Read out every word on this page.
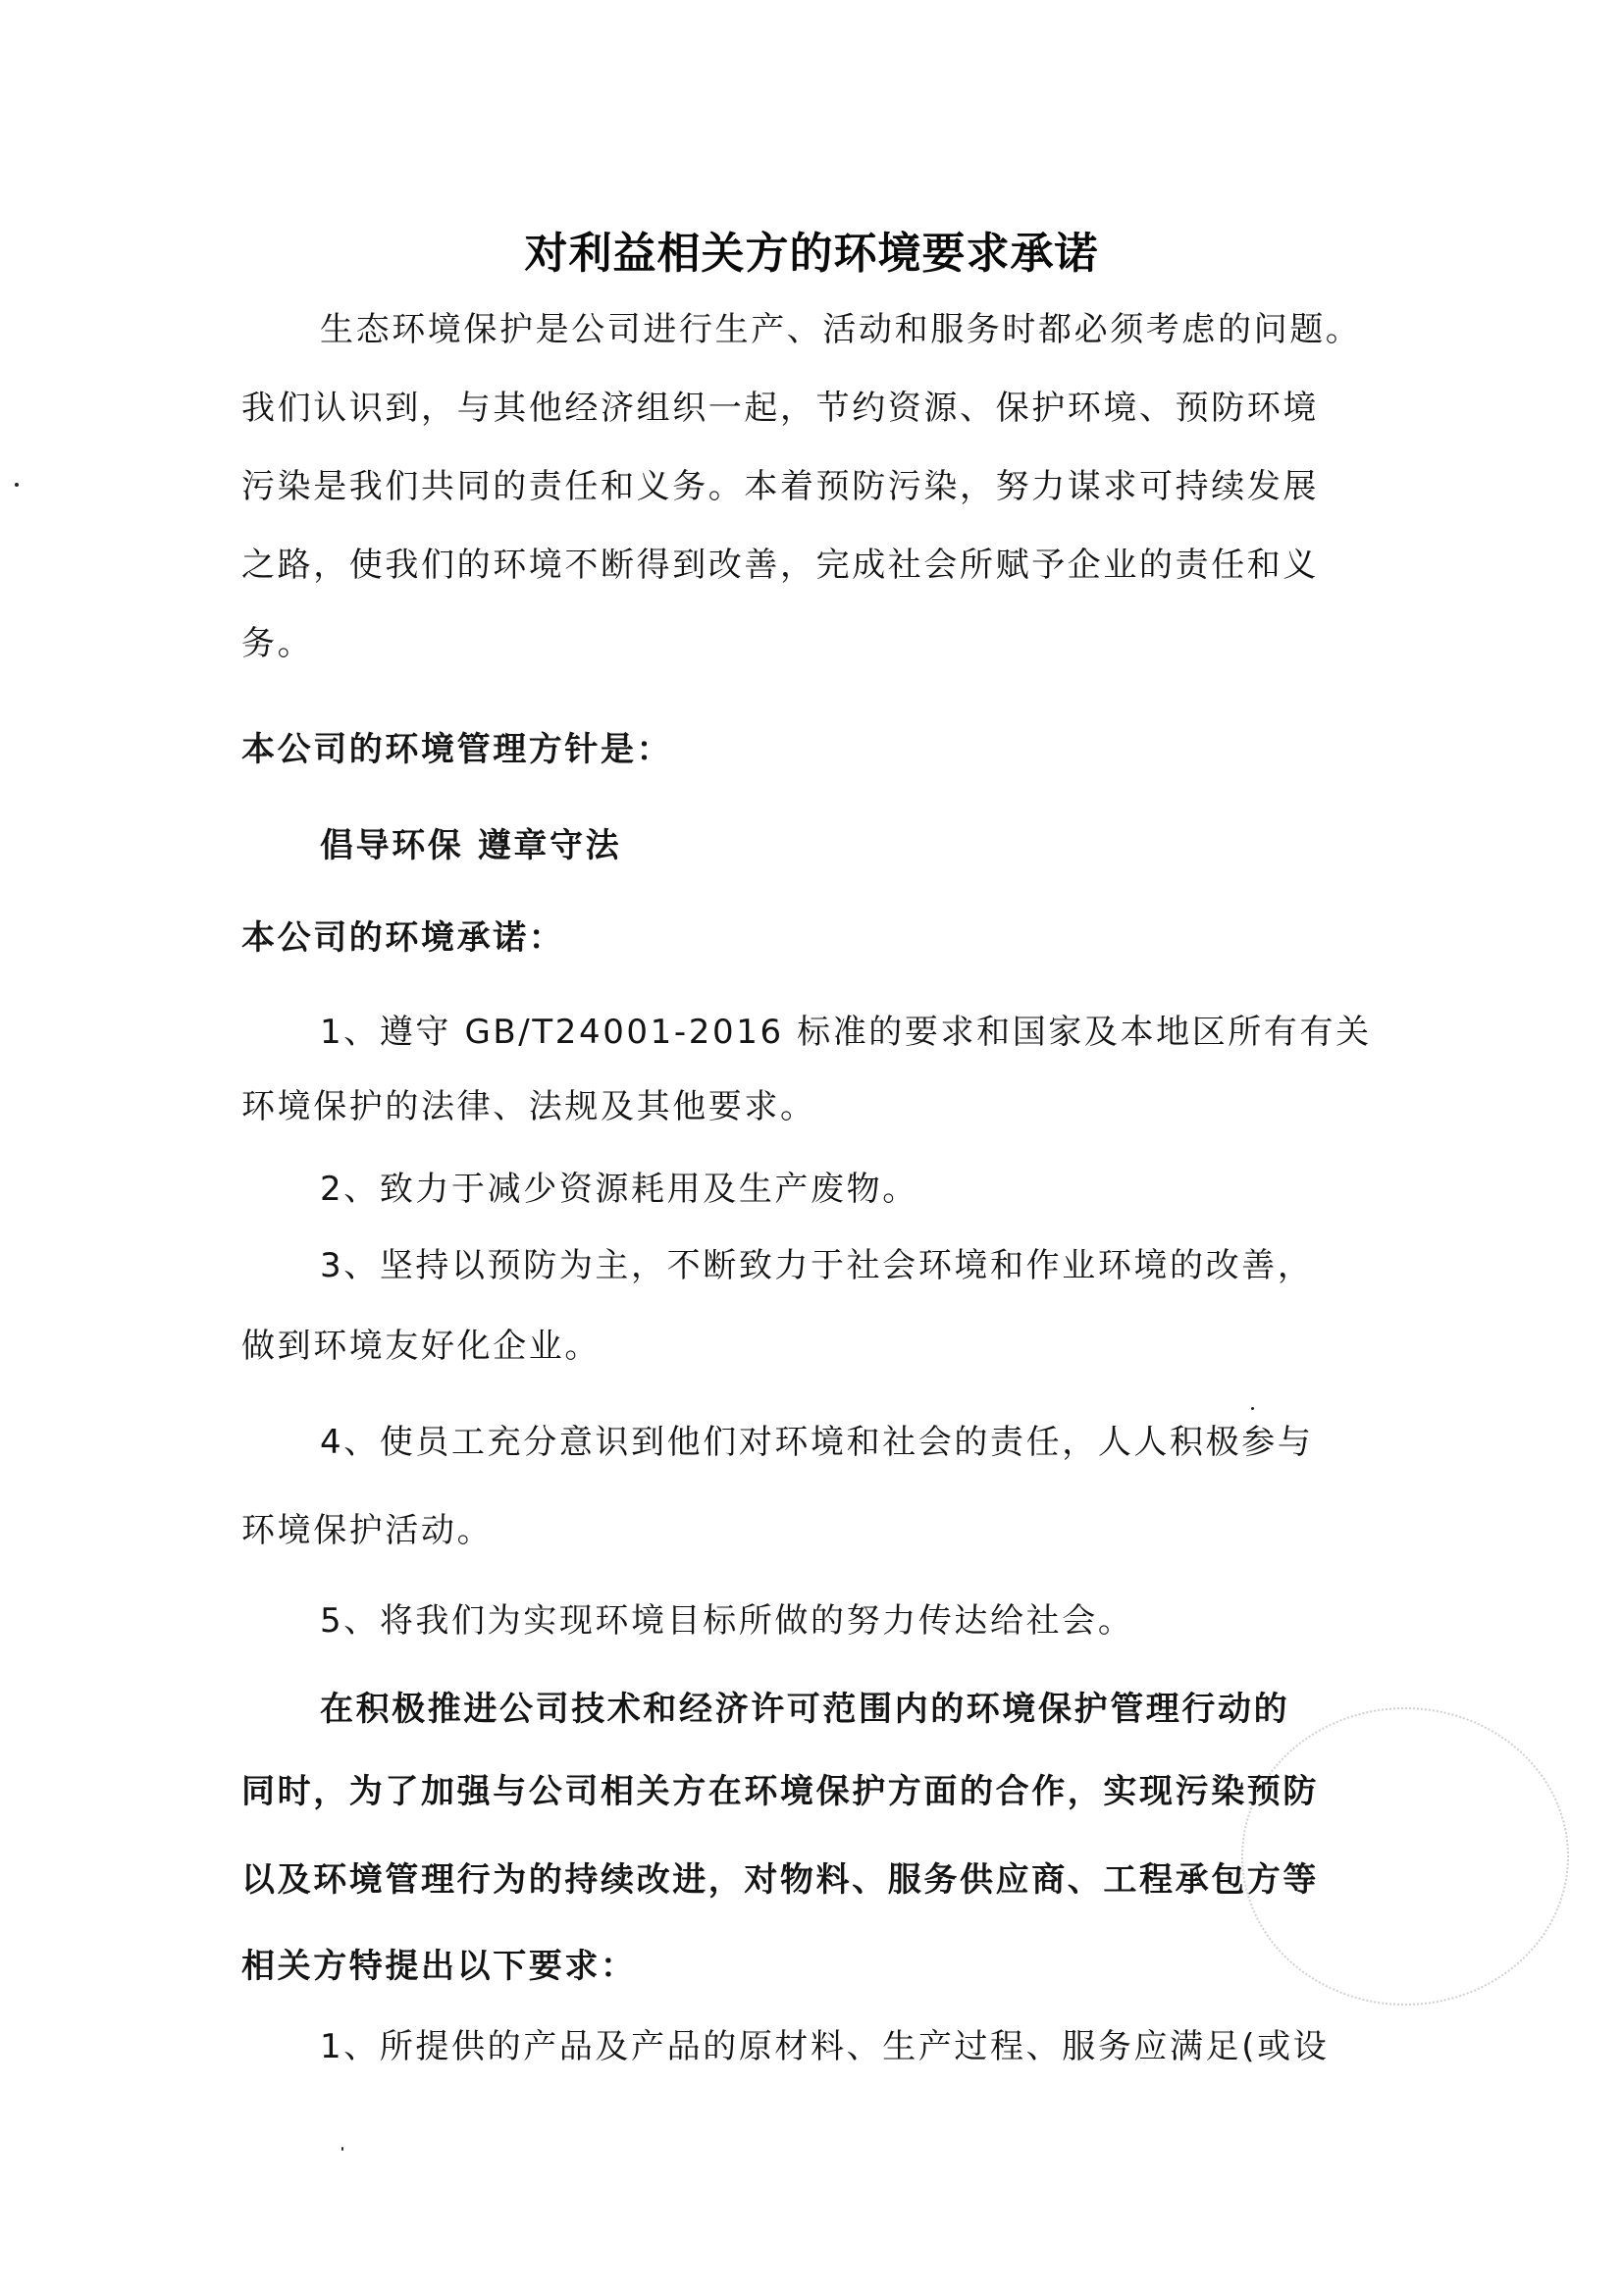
对利益相关方的环境要求承诺
生态环境保护是公司进行生产、活动和服务时都必须考虑的问题。
我们认识到，与其他经济组织一起，节约资源、保护环境、预防环境
污染是我们共同的责任和义务。本着预防污染，努力谋求可持续发展
之路，使我们的环境不断得到改善，完成社会所赋予企业的责任和义
务。
本公司的环境管理方针是：
倡导环保 遵章守法
本公司的环境承诺：
1、遵守 GB/T24001-2016 标准的要求和国家及本地区所有有关
环境保护的法律、法规及其他要求。
2、致力于减少资源耗用及生产废物。
3、坚持以预防为主，不断致力于社会环境和作业环境的改善，
做到环境友好化企业。
4、使员工充分意识到他们对环境和社会的责任，人人积极参与
环境保护活动。
5、将我们为实现环境目标所做的努力传达给社会。
在积极推进公司技术和经济许可范围内的环境保护管理行动的
同时，为了加强与公司相关方在环境保护方面的合作，实现污染预防
以及环境管理行为的持续改进，对物料、服务供应商、工程承包方等
相关方特提出以下要求：
1、所提供的产品及产品的原材料、生产过程、服务应满足(或设
